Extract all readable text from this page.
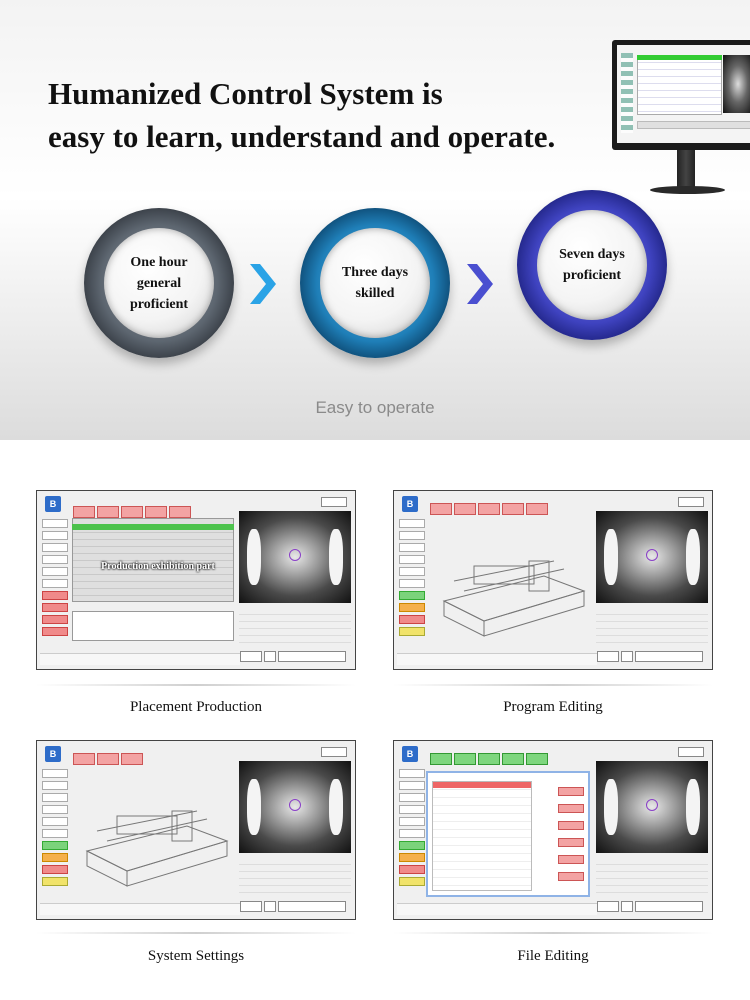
Humanized Control System is
easy to learn, understand and operate.
One hour general proficient
Three days skilled
Seven days proficient
Easy to operate
B
Production exhibition part
Placement Production
B
Program Editing
B
System Settings
B
File Editing
